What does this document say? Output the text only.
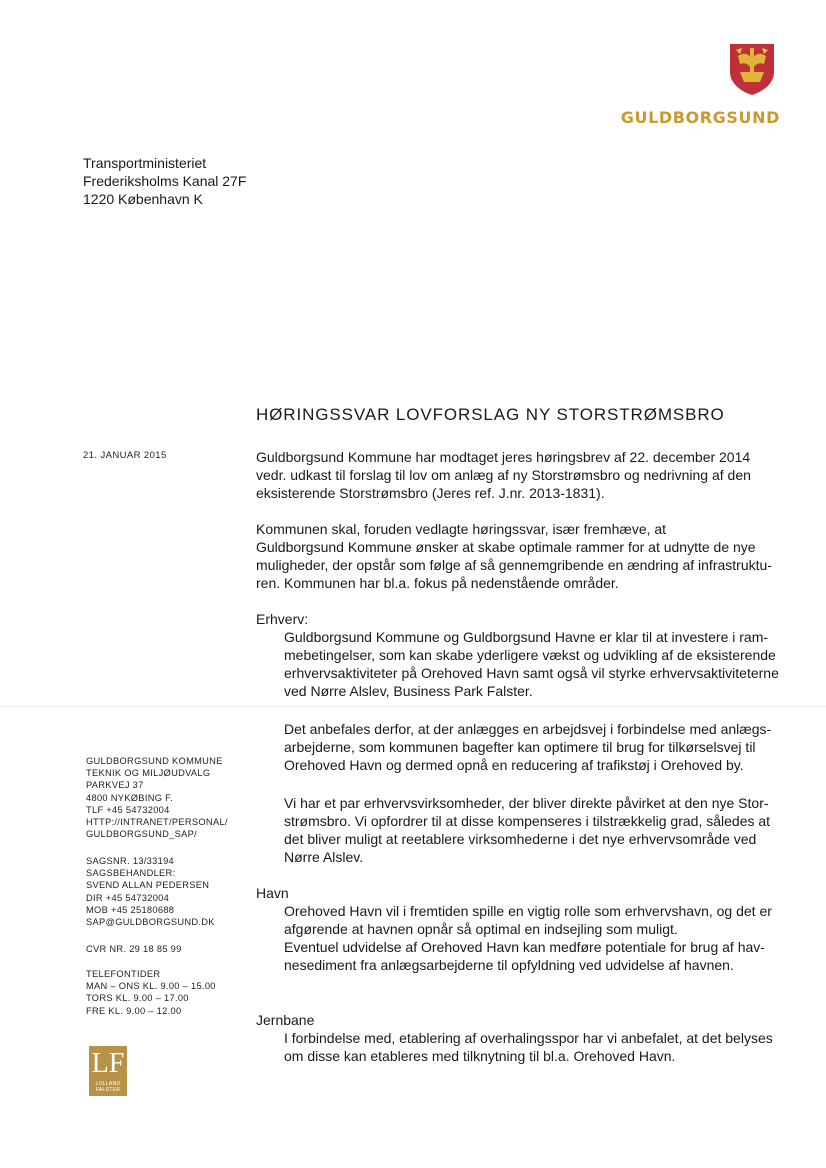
GULDBORGSUND
Transportministeriet
Frederiksholms Kanal 27F
1220 København K
HØRINGSSVAR LOVFORSLAG NY STORSTRØMSBRO
21. JANUAR 2015	Guldborgsund Kommune har modtaget jeres høringsbrev af 22. december 2014
vedr. udkast til forslag til lov om anlæg af ny Storstrømsbro og nedrivning af den
eksisterende Storstrømsbro (Jeres ref. J.nr. 2013-1831).
Kommunen skal, foruden vedlagte høringssvar, især fremhæve, at
Guldborgsund Kommune ønsker at skabe optimale rammer for at udnytte de nye
muligheder, der opstår som følge af så gennemgribende en ændring af infrastruktu-
ren. Kommunen har bl.a. fokus på nedenstående områder.
Erhverv:
Guldborgsund Kommune og Guldborgsund Havne er klar til at investere i ram-
mebetingelser, som kan skabe yderligere vækst og udvikling af de eksisterende
erhvervsaktiviteter på Orehoved Havn samt også vil styrke erhvervsaktiviteterne
ved Nørre Alslev, Business Park Falster.
Det anbefales derfor, at der anlægges en arbejdsvej i forbindelse med anlægs-
arbejderne, som kommunen bagefter kan optimere til brug for tilkørselsvej til
Orehoved Havn og dermed opnå en reducering af trafikstøj i Orehoved by.
Vi har et par erhvervsvirksomheder, der bliver direkte påvirket at den nye Stor-
strømsbro. Vi opfordrer til at disse kompenseres i tilstrækkelig grad, således at
det bliver muligt at reetablere virksomhederne i det nye erhvervsområde ved
Nørre Alslev.
Havn
Orehoved Havn vil i fremtiden spille en vigtig rolle som erhvervshavn, og det er
afgørende at havnen opnår så optimal en indsejling som muligt.
Eventuel udvidelse af Orehoved Havn kan medføre potentiale for brug af hav-
nesediment fra anlægsarbejderne til opfyldning ved udvidelse af havnen.
Jernbane
I forbindelse med, etablering af overhalingsspor har vi anbefalet, at det belyses
om disse kan etableres med tilknytning til bl.a. Orehoved Havn.
GULDBORGSUND KOMMUNE
TEKNIK OG MILJØUDVALG
PARKVEJ 37
4800 NYKØBING F.
TLF +45 54732004
HTTP://INTRANET/PERSONAL/
GULDBORGSUND_SAP/
SAGSNR. 13/33194
SAGSBEHANDLER:
SVEND ALLAN PEDERSEN
DIR +45 54732004
MOB +45 25180688
SAP@GULDBORGSUND.DK
CVR NR. 29 18 85 99
TELEFONTIDER
MAN – ONS KL. 9.00 – 15.00
TORS KL. 9.00 – 17.00
FRE KL. 9.00 – 12.00
LF
LOLLAND
FALSTER
